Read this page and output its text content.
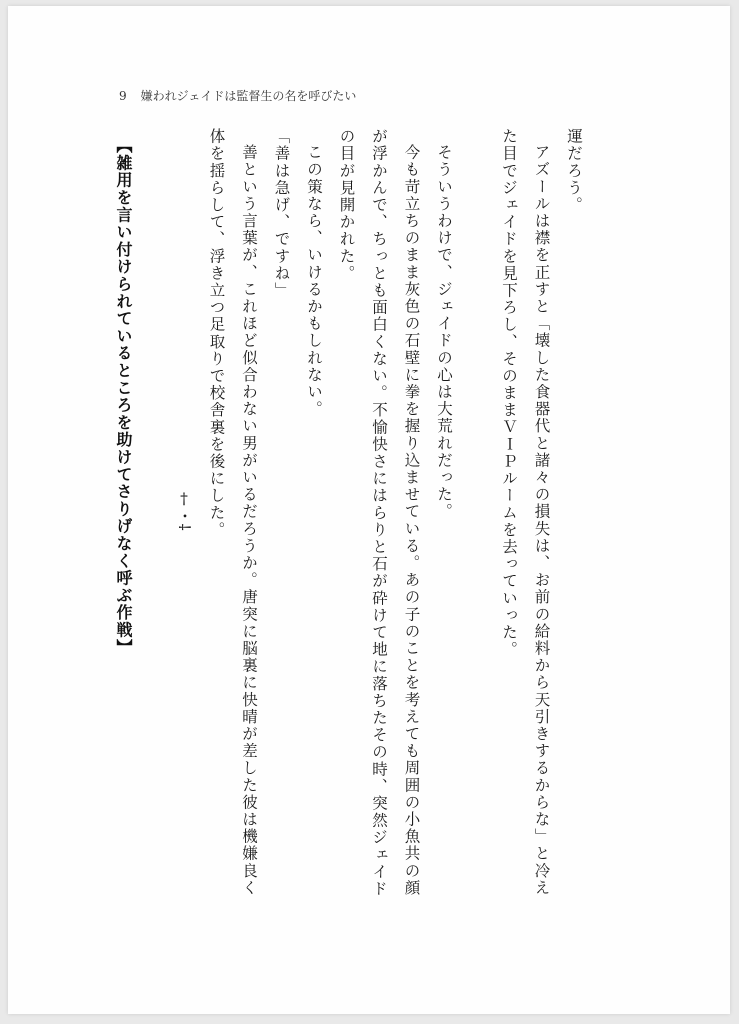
9 嫌われジェイドは監督生の名を呼びたい

運だろう。

アズールは襟を正すと「壊した食器代と諸々の損失は、お前の給料から天引きするからな」と冷え

た目でジェイドを見下ろし、そのままＶＩＰルームを去っていった。

そういうわけで、ジェイドの心は大荒れだった。

今も苛立ちのまま灰色の石壁に拳を握り込ませている。あの子のことを考えても周囲の小魚共の顔

が浮かんで、ちっとも面白くない。不愉快さにはらりと石が砕けて地に落ちたその時、突然ジェイド

の目が見開かれた。

この策なら、いけるかもしれない。

「善は急げ、ですね」

善という言葉が、これほど似合わない男がいるだろうか。唐突に脳裏に快晴が差した彼は機嫌良く

体を揺らして、浮き立つ足取りで校舎裏を後にした。

†・⸸

【雑用を言い付けられているところを助けてさりげなく呼ぶ作戦】
